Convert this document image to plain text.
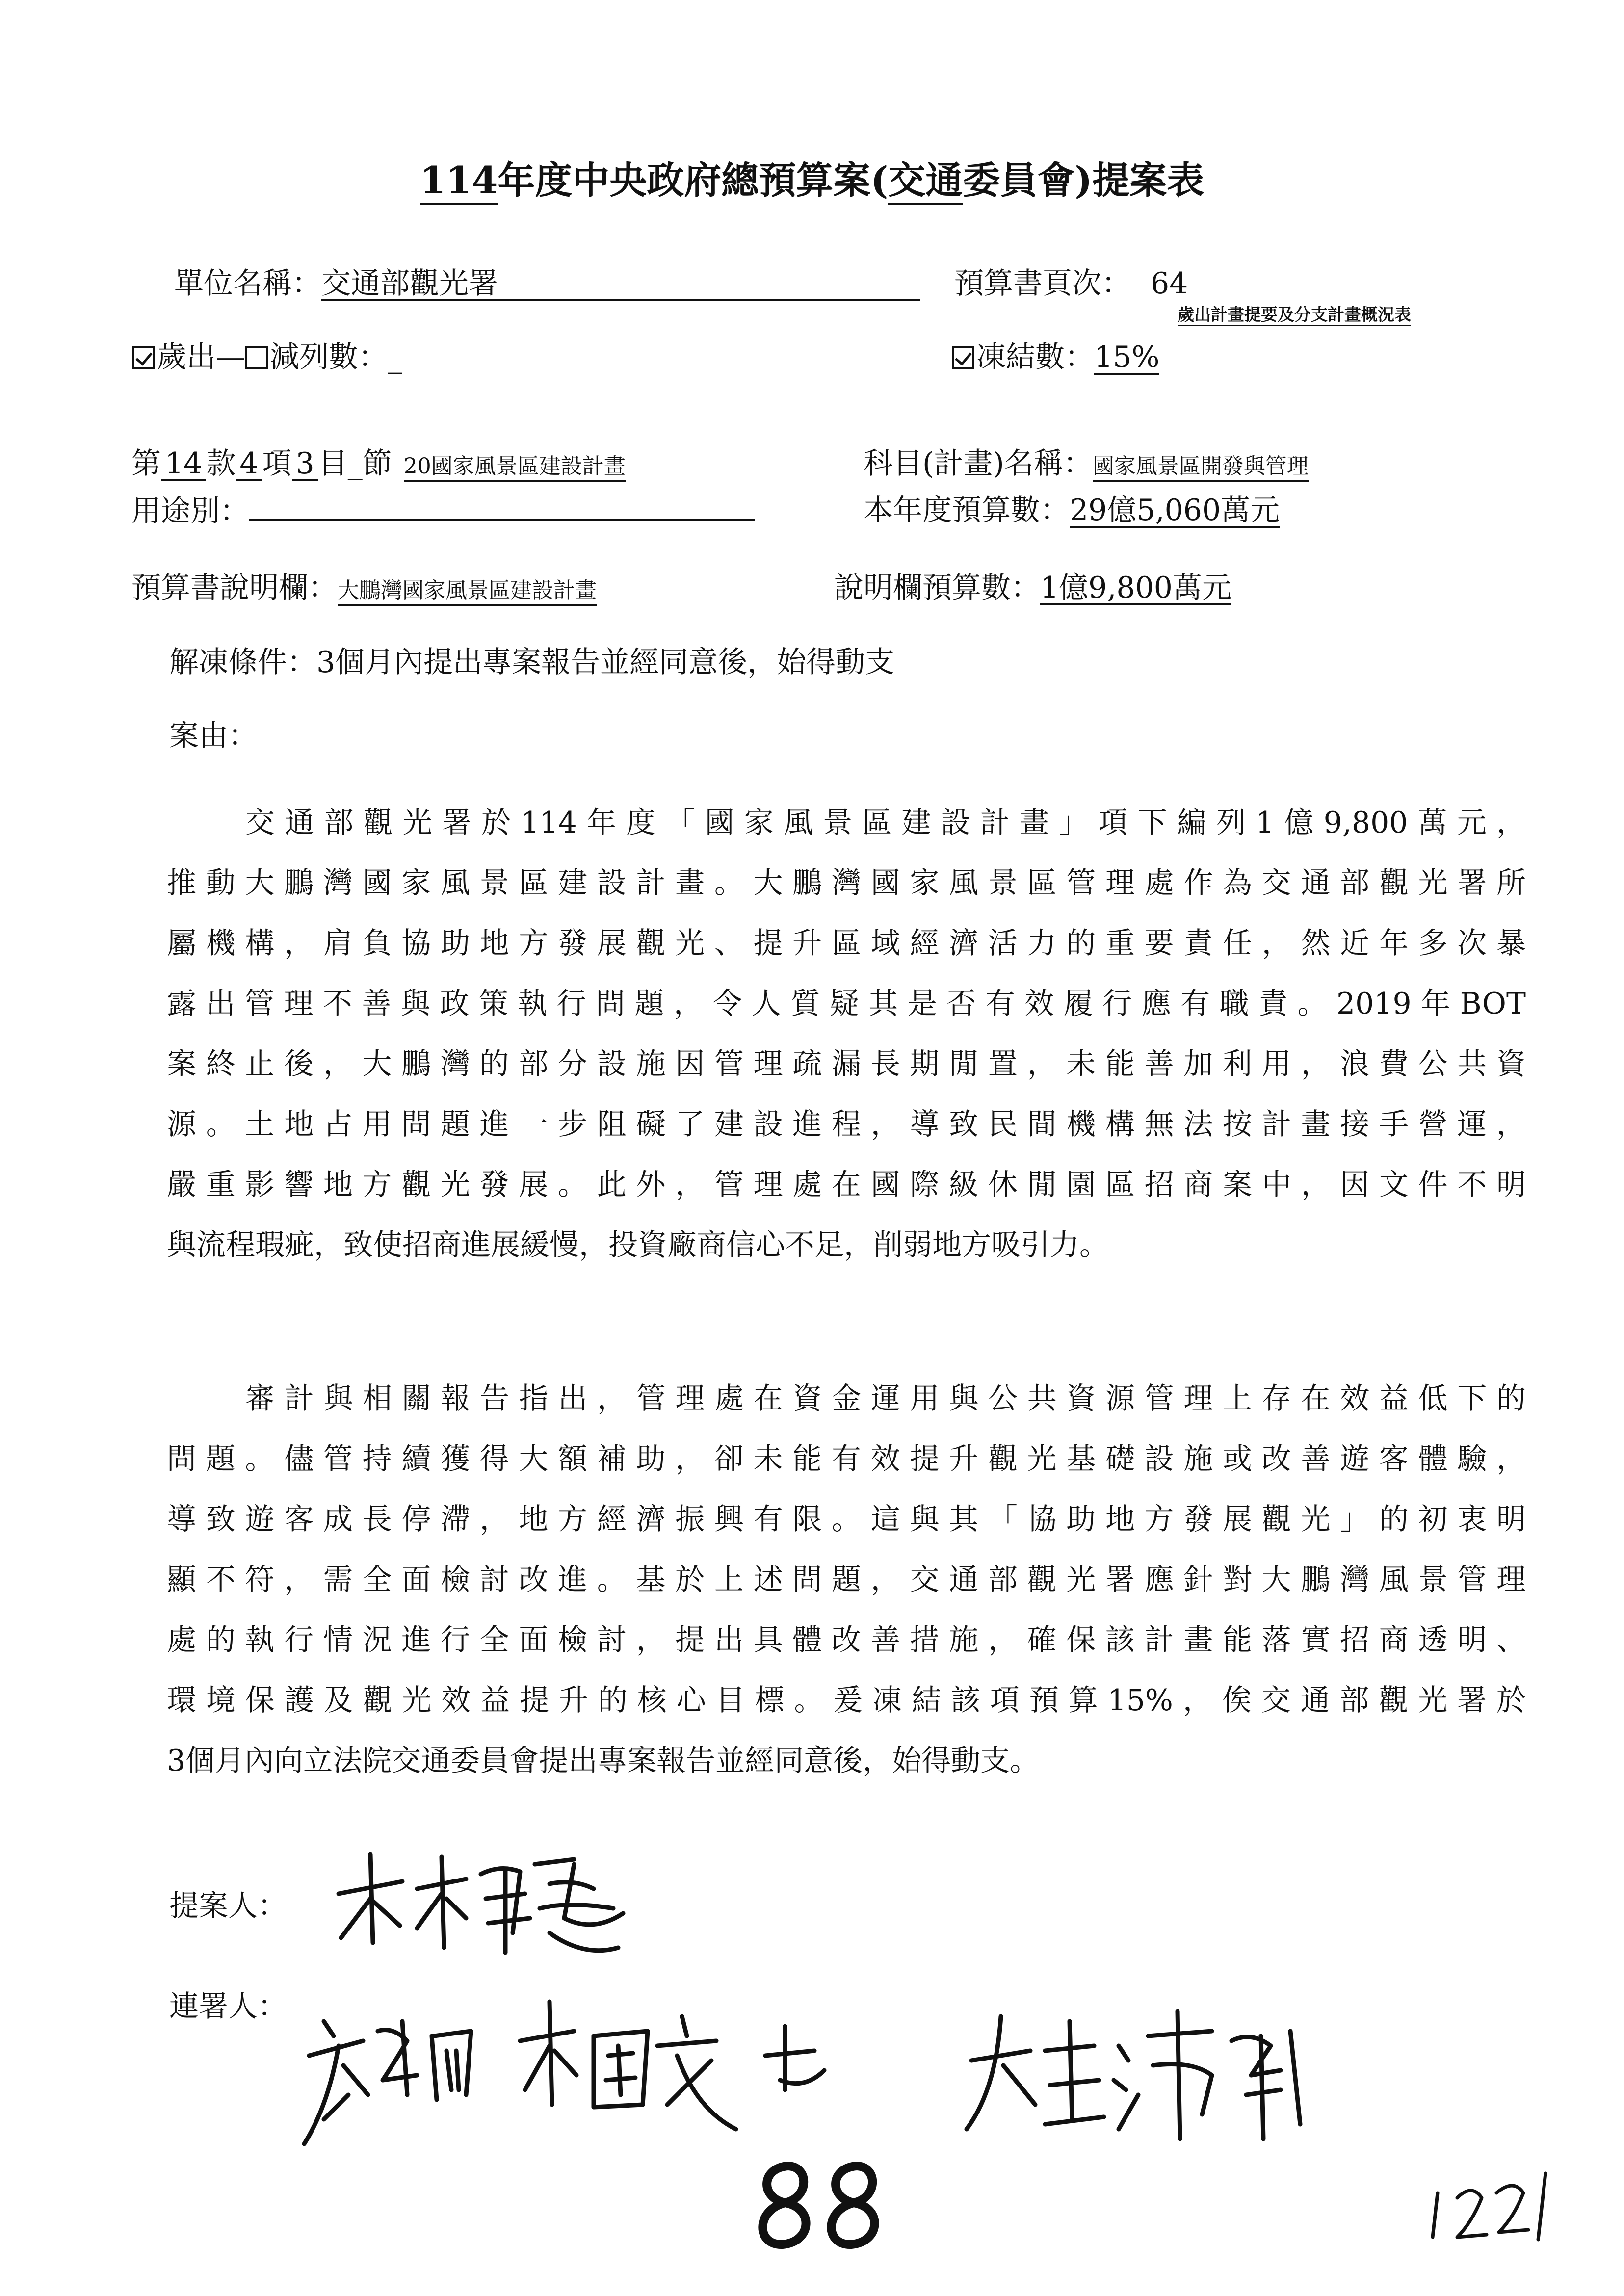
114年度中央政府總預算案(交通委員會)提案表
單位名稱：交通部觀光署	預算書頁次： 64
歲出計畫提要及分支計畫概況表
歲出— 減列數：_	凍結數：15%
第 14 款 4 項 3 目_節 20國家風景區建設計畫	科目(計畫)名稱：國家風景區開發與管理
用途別：	本年度預算數：29億5,060萬元
預算書說明欄：大鵬灣國家風景區建設計畫	說明欄預算數：1億9,800萬元
解凍條件：3個月內提出專案報告並經同意後，始得動支
案由：
交通部觀光署於114年度「國家風景區建設計畫」項下編列1億9,800萬元，
推動大鵬灣國家風景區建設計畫。大鵬灣國家風景區管理處作為交通部觀光署所
屬機構，肩負協助地方發展觀光、提升區域經濟活力的重要責任，然近年多次暴
露出管理不善與政策執行問題，令人質疑其是否有效履行應有職責。2019年BOT
案終止後，大鵬灣的部分設施因管理疏漏長期閒置，未能善加利用，浪費公共資
源。土地占用問題進一步阻礙了建設進程，導致民間機構無法按計畫接手營運，
嚴重影響地方觀光發展。此外，管理處在國際級休閒園區招商案中，因文件不明
與流程瑕疵，致使招商進展緩慢，投資廠商信心不足，削弱地方吸引力。
審計與相關報告指出，管理處在資金運用與公共資源管理上存在效益低下的
問題。儘管持續獲得大額補助，卻未能有效提升觀光基礎設施或改善遊客體驗，
導致遊客成長停滯，地方經濟振興有限。這與其「協助地方發展觀光」的初衷明
顯不符，需全面檢討改進。基於上述問題，交通部觀光署應針對大鵬灣風景管理
處的執行情況進行全面檢討，提出具體改善措施，確保該計畫能落實招商透明、
環境保護及觀光效益提升的核心目標。爰凍結該項預算15%，俟交通部觀光署於
3個月內向立法院交通委員會提出專案報告並經同意後，始得動支。
提案人：
連署人：
